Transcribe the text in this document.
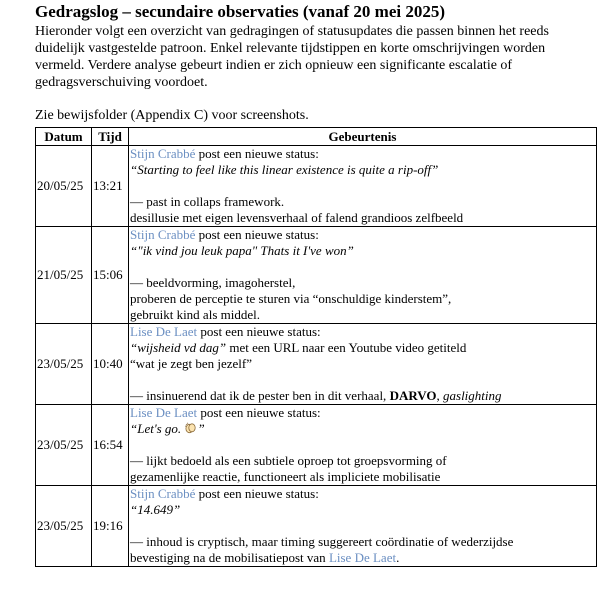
Gedragslog – secundaire observaties (vanaf 20 mei 2025)

Hieronder volgt een overzicht van gedragingen of statusupdates die passen binnen het reeds duidelijk vastgestelde patroon. Enkel relevante tijdstippen en korte omschrijvingen worden vermeld. Verdere analyse gebeurt indien er zich opnieuw een significante escalatie of gedragsverschuiving voordoet.

Zie bewijsfolder (Appendix C) voor screenshots.

Datum	Tijd	Gebeurtenis
20/05/25	13:21	Stijn Crabbé post een nieuwe status:
“Starting to feel like this linear existence is quite a rip-off”
— past in collaps framework.
desillusie met eigen levensverhaal of falend grandioos zelfbeeld

21/05/25	15:06	Stijn Crabbé post een nieuwe status:
“"ik vind jou leuk papa" Thats it I've won”
— beeldvorming, imagoherstel,
proberen de perceptie te sturen via “onschuldige kinderstem”,
gebruikt kind als middel.

23/05/25	10:40	Lise De Laet post een nieuwe status:
“wijsheid vd dag” met een URL naar een Youtube video getiteld
“wat je zegt ben jezelf”
— insinuerend dat ik de pester ben in dit verhaal, DARVO, gaslighting

23/05/25	16:54	Lise De Laet post een nieuwe status:
“Let's go. ”
— lijkt bedoeld als een subtiele oproep tot groepsvorming of
gezamenlijke reactie, functioneert als impliciete mobilisatie

23/05/25	19:16	Stijn Crabbé post een nieuwe status:
“14.649”
— inhoud is cryptisch, maar timing suggereert coördinatie of wederzijdse
bevestiging na de mobilisatiepost van Lise De Laet.
